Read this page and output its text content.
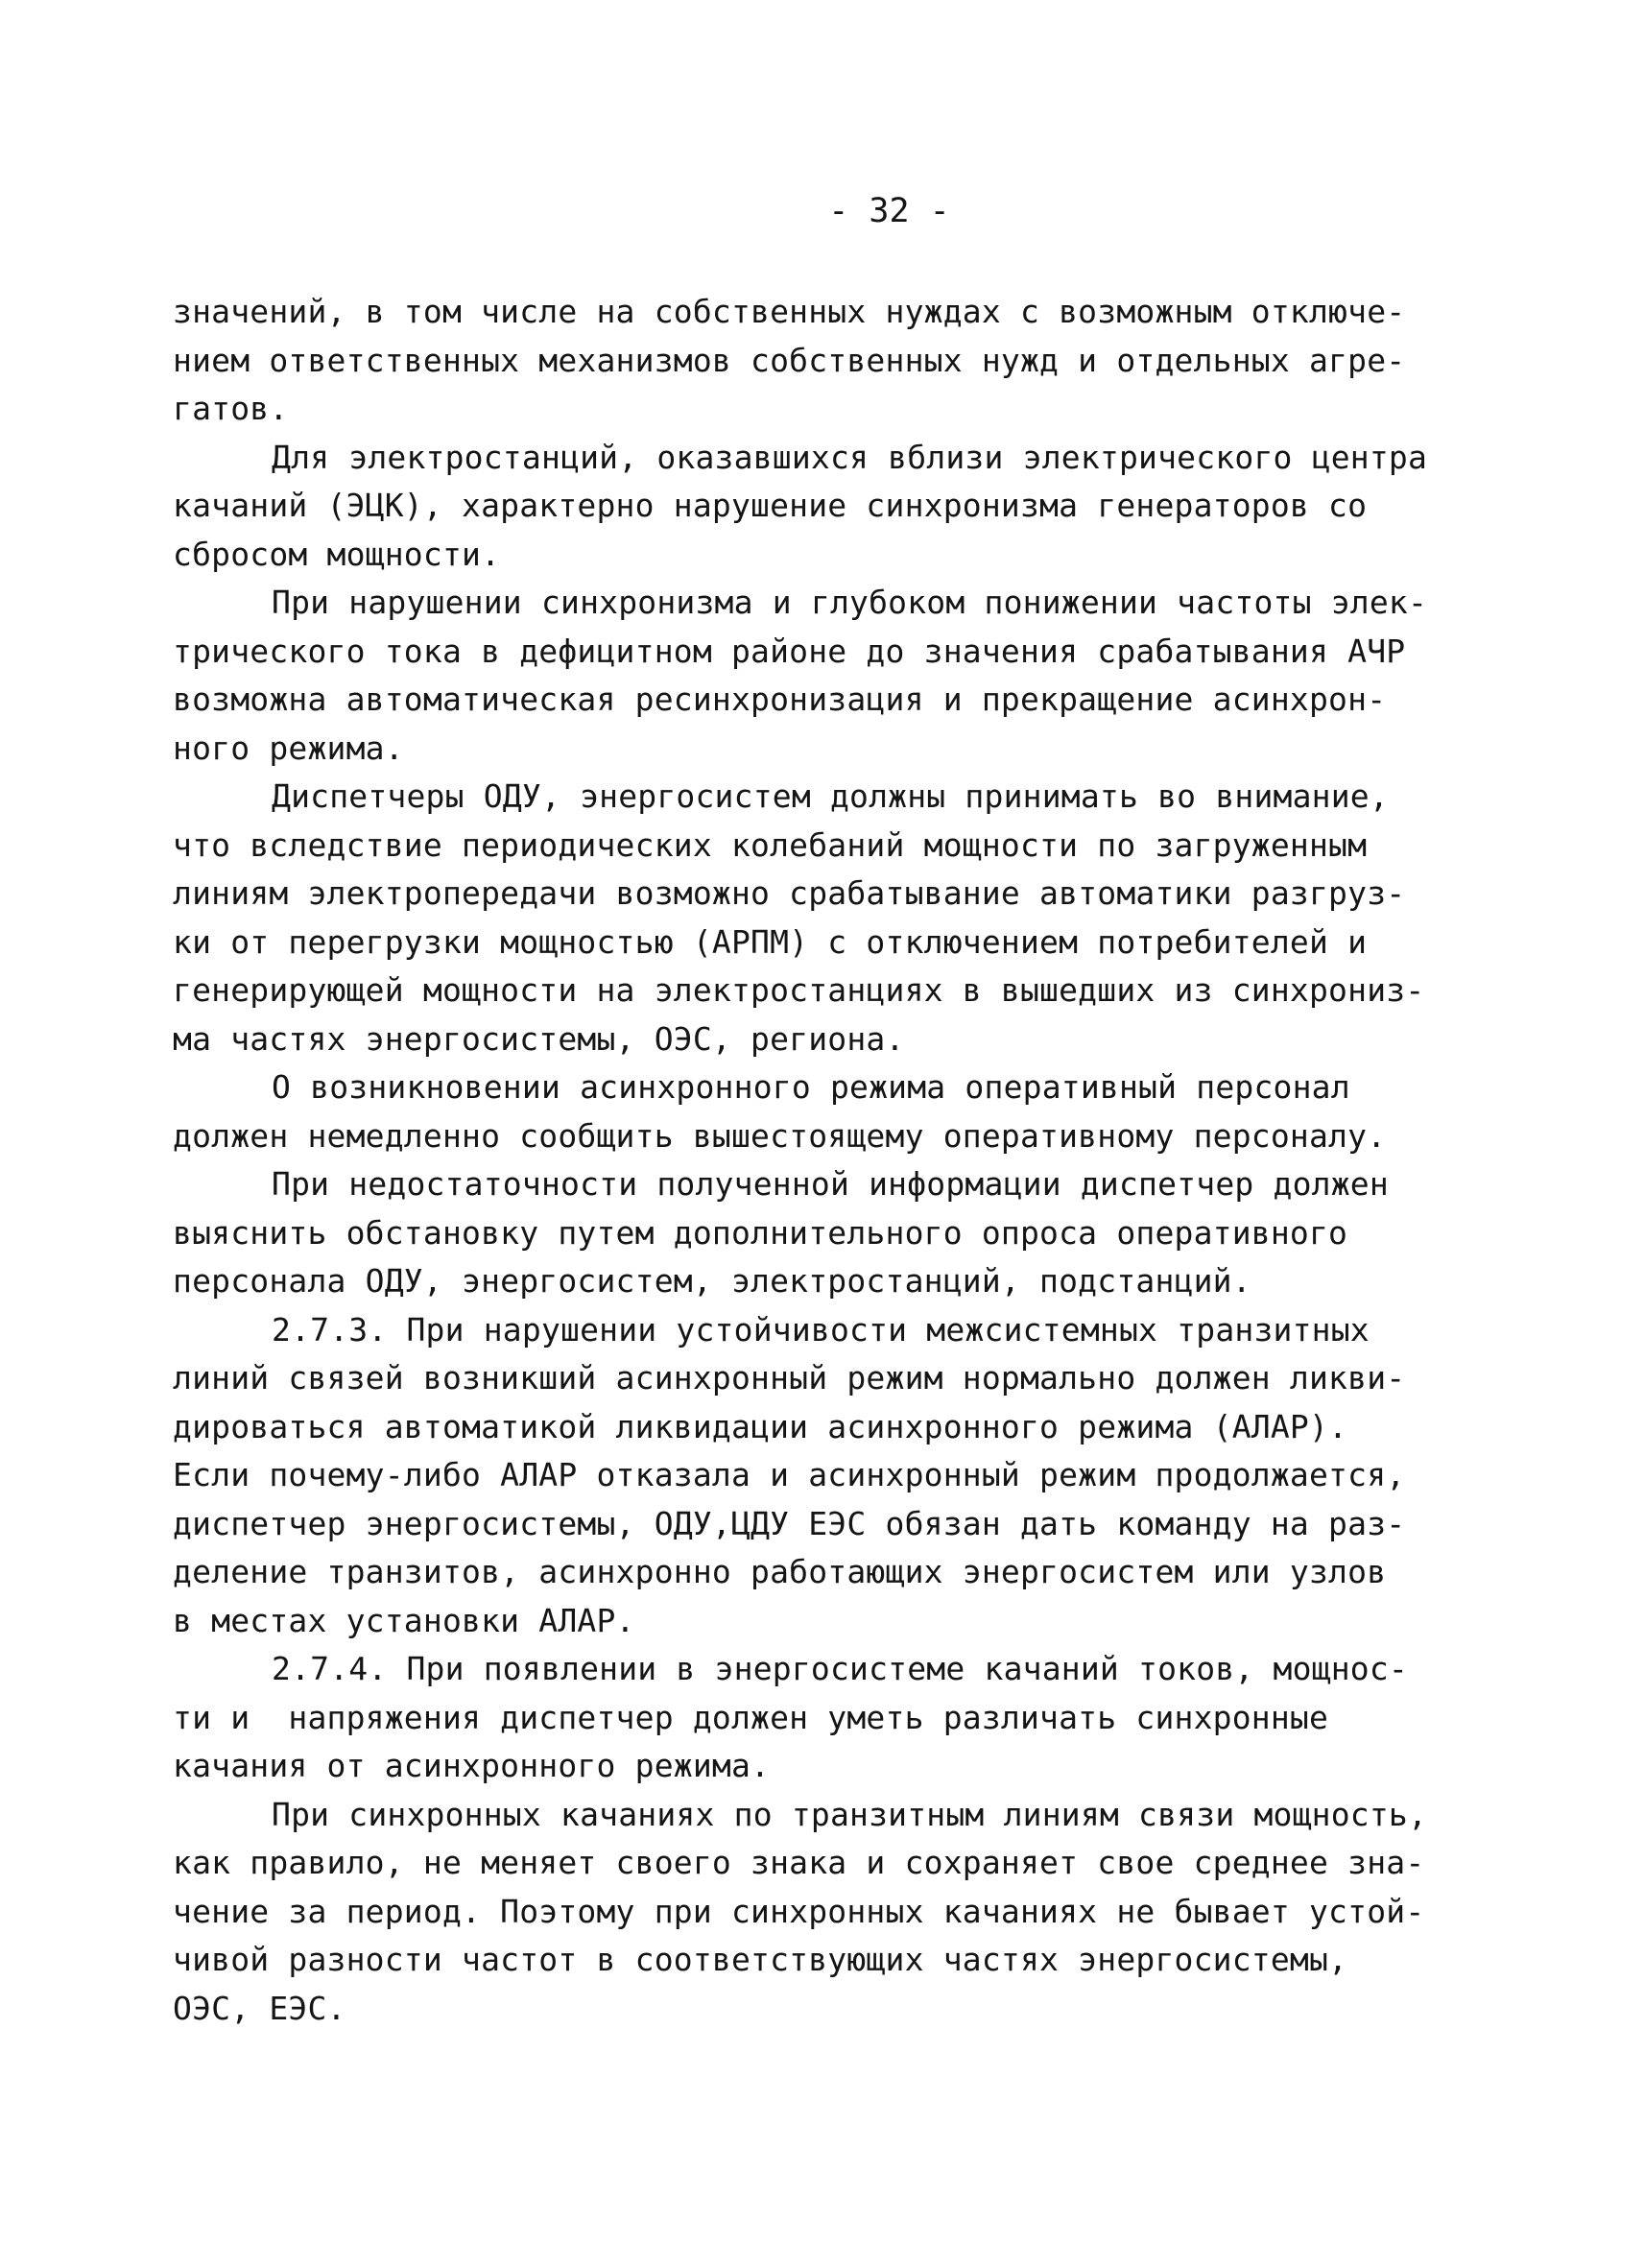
- 32 -
значений, в том числе на собственных нуждах с возможным отключе-
нием ответственных механизмов собственных нужд и отдельных агре-
гатов.
Для электростанций, оказавшихся вблизи электрического центра
качаний (ЭЦК), характерно нарушение синхронизма генераторов со
сбросом мощности.
При нарушении синхронизма и глубоком понижении частоты элек-
трического тока в дефицитном районе до значения срабатывания АЧР
возможна автоматическая ресинхронизация и прекращение асинхрон-
ного режима.
Диспетчеры ОДУ, энергосистем должны принимать во внимание,
что вследствие периодических колебаний мощности по загруженным
линиям электропередачи возможно срабатывание автоматики разгруз-
ки от перегрузки мощностью (АРПМ) с отключением потребителей и
генерирующей мощности на электростанциях в вышедших из синхрониз-
ма частях энергосистемы, ОЭС, региона.
О возникновении асинхронного режима оперативный персонал
должен немедленно сообщить вышестоящему оперативному персоналу.
При недостаточности полученной информации диспетчер должен
выяснить обстановку путем дополнительного опроса оперативного
персонала ОДУ, энергосистем, электростанций, подстанций.
2.7.3. При нарушении устойчивости межсистемных транзитных
линий связей возникший асинхронный режим нормально должен ликви-
дироваться автоматикой ликвидации асинхронного режима (АЛАР).
Если почему-либо АЛАР отказала и асинхронный режим продолжается,
диспетчер энергосистемы, ОДУ,ЦДУ ЕЭС обязан дать команду на раз-
деление транзитов, асинхронно работающих энергосистем или узлов
в местах установки АЛАР.
2.7.4. При появлении в энергосистеме качаний токов, мощнос-
ти и  напряжения диспетчер должен уметь различать синхронные
качания от асинхронного режима.
При синхронных качаниях по транзитным линиям связи мощность,
как правило, не меняет своего знака и сохраняет свое среднее зна-
чение за период. Поэтому при синхронных качаниях не бывает устой-
чивой разности частот в соответствующих частях энергосистемы,
ОЭС, ЕЭС.
